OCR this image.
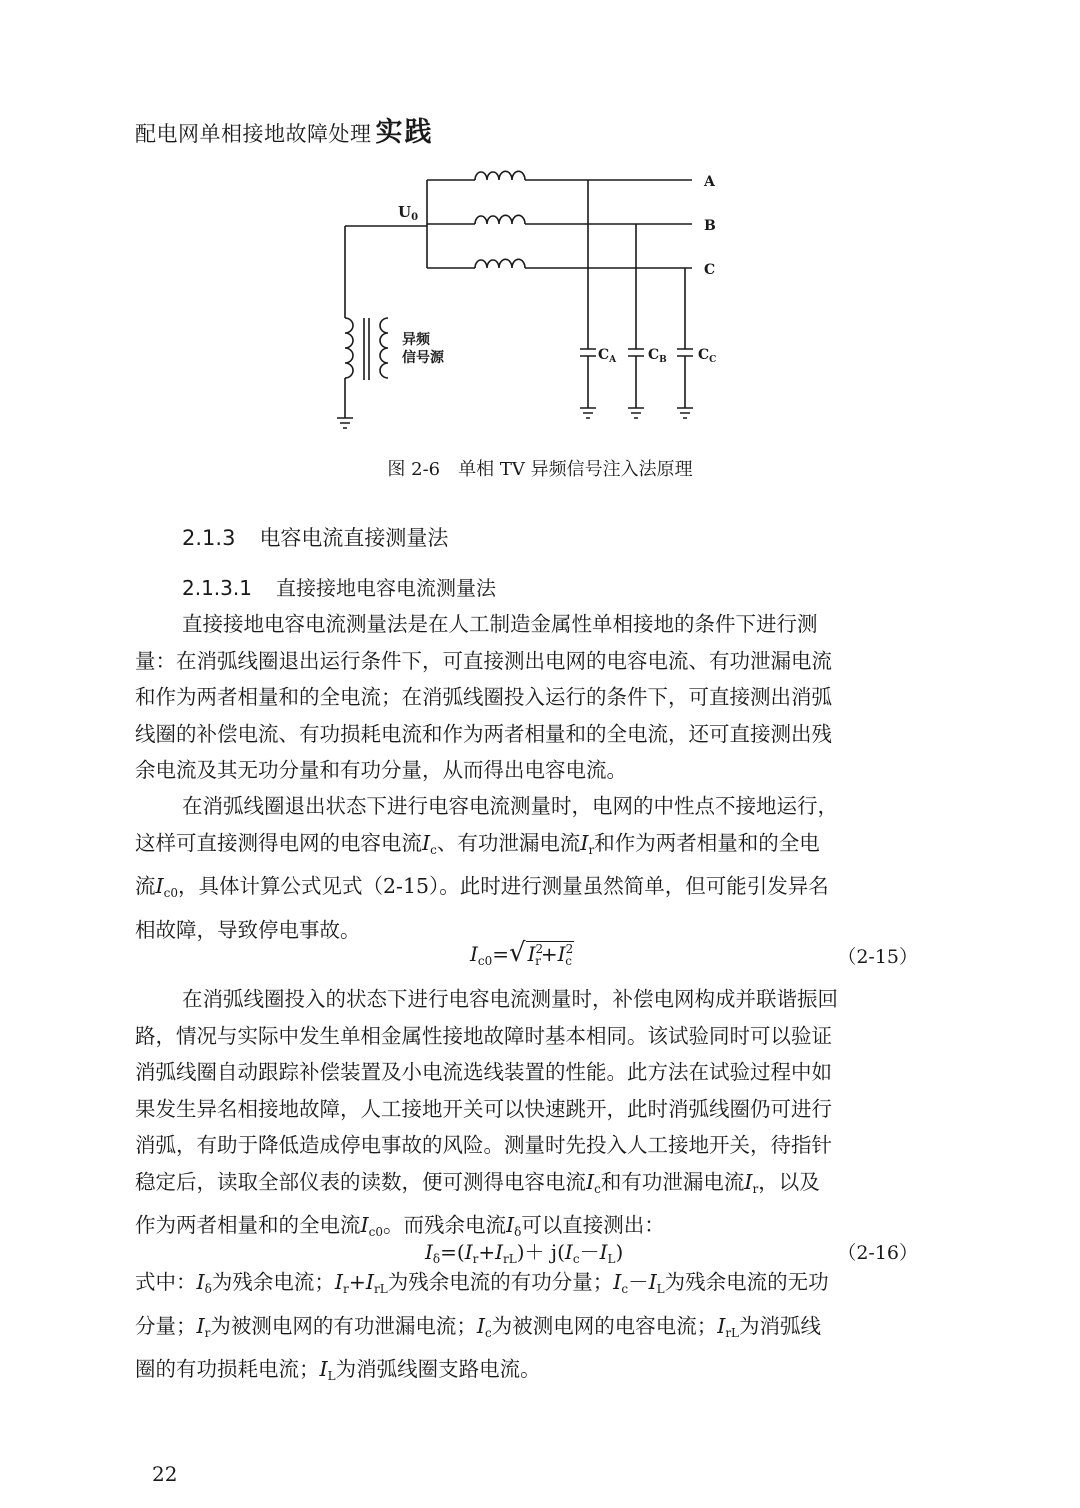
配电网单相接地故障处理 实践
$U_0$
A
B
C
异频
信号源	$C_A$ $C_B$ $C_C$
图 2-6　单相 TV 异频信号注入法原理
2.1.3 电容电流直接测量法
2.1.3.1 直接接地电容电流测量法
直接接地电容电流测量法是在人工制造金属性单相接地的条件下进行测
量：在消弧线圈退出运行条件下，可直接测出电网的电容电流、有功泄漏电流
和作为两者相量和的全电流；在消弧线圈投入运行的条件下，可直接测出消弧
线圈的补偿电流、有功损耗电流和作为两者相量和的全电流，还可直接测出残
余电流及其无功分量和有功分量，从而得出电容电流。
在消弧线圈退出状态下进行电容电流测量时，电网的中性点不接地运行，
这样可直接测得电网的电容电流$I_c$、有功泄漏电流$I_r$和作为两者相量和的全电
流$I_{c0}$，具体计算公式见式（2-15）。此时进行测量虽然简单，但可能引发异名
相故障，导致停电事故。
$I_{c0}=√$ $I^2_r+I^2_c$	（2-15）
在消弧线圈投入的状态下进行电容电流测量时，补偿电网构成并联谐振回
路，情况与实际中发生单相金属性接地故障时基本相同。该试验同时可以验证
消弧线圈自动跟踪补偿装置及小电流选线装置的性能。此方法在试验过程中如
果发生异名相接地故障，人工接地开关可以快速跳开，此时消弧线圈仍可进行
消弧，有助于降低造成停电事故的风险。测量时先投入人工接地开关，待指针
稳定后，读取全部仪表的读数，便可测得电容电流$I_c$和有功泄漏电流$I_r$，以及
作为两者相量和的全电流$I_{c0}$。而残余电流$I_\delta$可以直接测出：
$I_\delta=(I_r+I_{rL})+ j(I_c-I_L)$	（2-16）
式中：$I_\delta$为残余电流；$I_r+I_{rL}$为残余电流的有功分量；$I_c-I_L$为残余电流的无功
分量；$I_r$为被测电网的有功泄漏电流；$I_c$为被测电网的电容电流；$I_{rL}$为消弧线
圈的有功损耗电流；$I_L$为消弧线圈支路电流。
22
